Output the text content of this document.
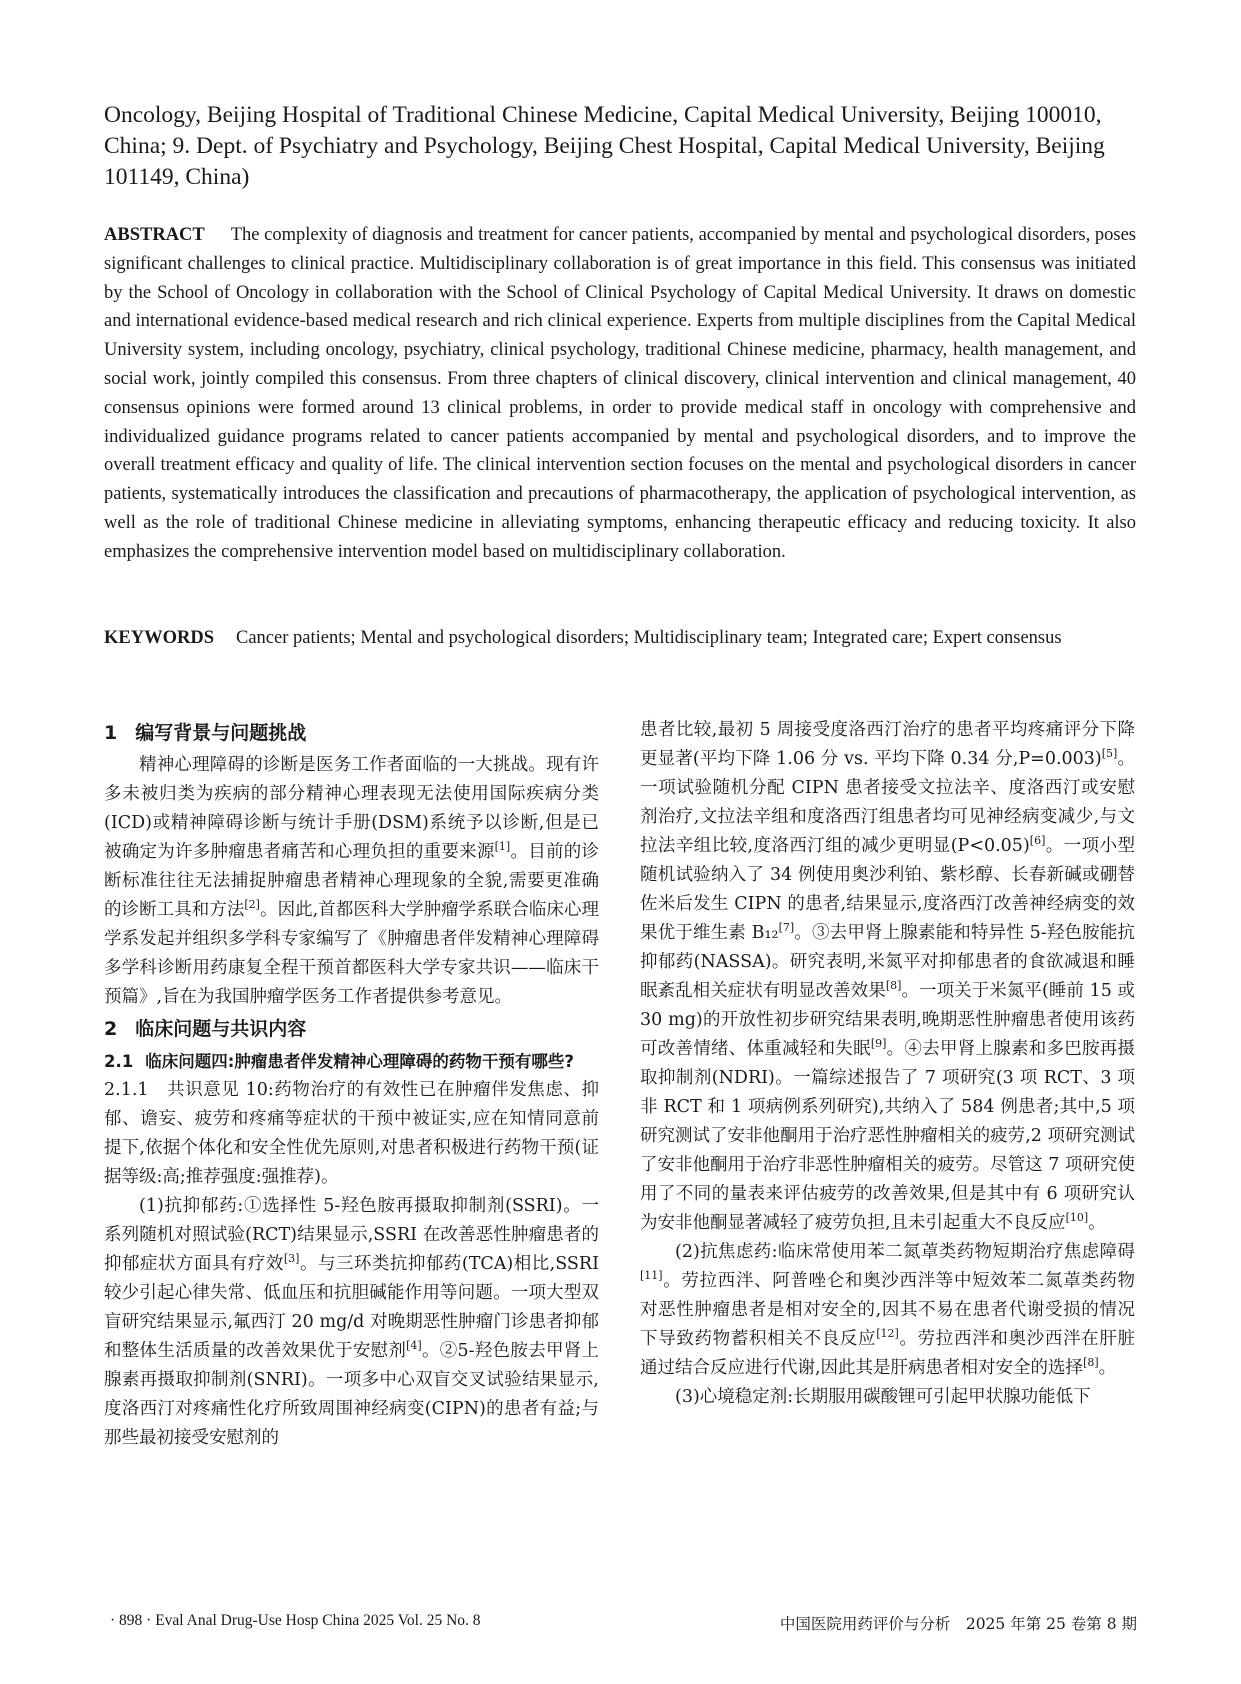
Oncology, Beijing Hospital of Traditional Chinese Medicine, Capital Medical University, Beijing 100010, China; 9. Dept. of Psychiatry and Psychology, Beijing Chest Hospital, Capital Medical University, Beijing 101149, China)
ABSTRACT The complexity of diagnosis and treatment for cancer patients, accompanied by mental and psychological disorders, poses significant challenges to clinical practice. Multidisciplinary collaboration is of great importance in this field. This consensus was initiated by the School of Oncology in collaboration with the School of Clinical Psychology of Capital Medical University. It draws on domestic and international evidence-based medical research and rich clinical experience. Experts from multiple disciplines from the Capital Medical University system, including oncology, psychiatry, clinical psychology, traditional Chinese medicine, pharmacy, health management, and social work, jointly compiled this consensus. From three chapters of clinical discovery, clinical intervention and clinical management, 40 consensus opinions were formed around 13 clinical problems, in order to provide medical staff in oncology with comprehensive and individualized guidance programs related to cancer patients accompanied by mental and psychological disorders, and to improve the overall treatment efficacy and quality of life. The clinical intervention section focuses on the mental and psychological disorders in cancer patients, systematically introduces the classification and precautions of pharmacotherapy, the application of psychological intervention, as well as the role of traditional Chinese medicine in alleviating symptoms, enhancing therapeutic efficacy and reducing toxicity. It also emphasizes the comprehensive intervention model based on multidisciplinary collaboration.
KEYWORDS Cancer patients; Mental and psychological disorders; Multidisciplinary team; Integrated care; Expert consensus
1 编写背景与问题挑战

精神心理障碍的诊断是医务工作者面临的一大挑战。现有许多未被归类为疾病的部分精神心理表现无法使用国际疾病分类(ICD)或精神障碍诊断与统计手册(DSM)系统予以诊断,但是已被确定为许多肿瘤患者痛苦和心理负担的重要来源[1]。目前的诊断标准往往无法捕捉肿瘤患者精神心理现象的全貌,需要更准确的诊断工具和方法[2]。因此,首都医科大学肿瘤学系联合临床心理学系发起并组织多学科专家编写了《肿瘤患者伴发精神心理障碍多学科诊断用药康复全程干预首都医科大学专家共识——临床干预篇》,旨在为我国肿瘤学医务工作者提供参考意见。

2 临床问题与共识内容
2.1 临床问题四:肿瘤患者伴发精神心理障碍的药物干预有哪些?

2.1.1　共识意见 10:药物治疗的有效性已在肿瘤伴发焦虑、抑郁、谵妄、疲劳和疼痛等症状的干预中被证实,应在知情同意前提下,依据个体化和安全性优先原则,对患者积极进行药物干预(证据等级:高;推荐强度:强推荐)。

(1)抗抑郁药:①选择性 5-羟色胺再摄取抑制剂(SSRI)。一系列随机对照试验(RCT)结果显示,SSRI 在改善恶性肿瘤患者的抑郁症状方面具有疗效[3]。与三环类抗抑郁药(TCA)相比,SSRI 较少引起心律失常、低血压和抗胆碱能作用等问题。一项大型双盲研究结果显示,氟西汀 20 mg/d 对晚期恶性肿瘤门诊患者抑郁和整体生活质量的改善效果优于安慰剂[4]。②5-羟色胺去甲肾上腺素再摄取抑制剂(SNRI)。一项多中心双盲交叉试验结果显示,度洛西汀对疼痛性化疗所致周围神经病变(CIPN)的患者有益;与那些最初接受安慰剂的

患者比较,最初 5 周接受度洛西汀治疗的患者平均疼痛评分下降更显著(平均下降 1.06 分 vs. 平均下降 0.34 分,P=0.003)[5]。一项试验随机分配 CIPN 患者接受文拉法辛、度洛西汀或安慰剂治疗,文拉法辛组和度洛西汀组患者均可见神经病变减少,与文拉法辛组比较,度洛西汀组的减少更明显(P<0.05)[6]。一项小型随机试验纳入了 34 例使用奥沙利铂、紫杉醇、长春新碱或硼替佐米后发生 CIPN 的患者,结果显示,度洛西汀改善神经病变的效果优于维生素 B₁₂[7]。③去甲肾上腺素能和特异性 5-羟色胺能抗抑郁药(NASSA)。研究表明,米氮平对抑郁患者的食欲减退和睡眠紊乱相关症状有明显改善效果[8]。一项关于米氮平(睡前 15 或 30 mg)的开放性初步研究结果表明,晚期恶性肿瘤患者使用该药可改善情绪、体重减轻和失眠[9]。④去甲肾上腺素和多巴胺再摄取抑制剂(NDRI)。一篇综述报告了 7 项研究(3 项 RCT、3 项非 RCT 和 1 项病例系列研究),共纳入了 584 例患者;其中,5 项研究测试了安非他酮用于治疗恶性肿瘤相关的疲劳,2 项研究测试了安非他酮用于治疗非恶性肿瘤相关的疲劳。尽管这 7 项研究使用了不同的量表来评估疲劳的改善效果,但是其中有 6 项研究认为安非他酮显著减轻了疲劳负担,且未引起重大不良反应[10]。

(2)抗焦虑药:临床常使用苯二氮䓬类药物短期治疗焦虑障碍[11]。劳拉西泮、阿普唑仑和奥沙西泮等中短效苯二氮䓬类药物对恶性肿瘤患者是相对安全的,因其不易在患者代谢受损的情况下导致药物蓄积相关不良反应[12]。劳拉西泮和奥沙西泮在肝脏通过结合反应进行代谢,因此其是肝病患者相对安全的选择[8]。

(3)心境稳定剂:长期服用碳酸锂可引起甲状腺功能低下

· 898 · Eval Anal Drug-Use Hosp China 2025 Vol. 25 No. 8	中国医院用药评价与分析　2025 年第 25 卷第 8 期
